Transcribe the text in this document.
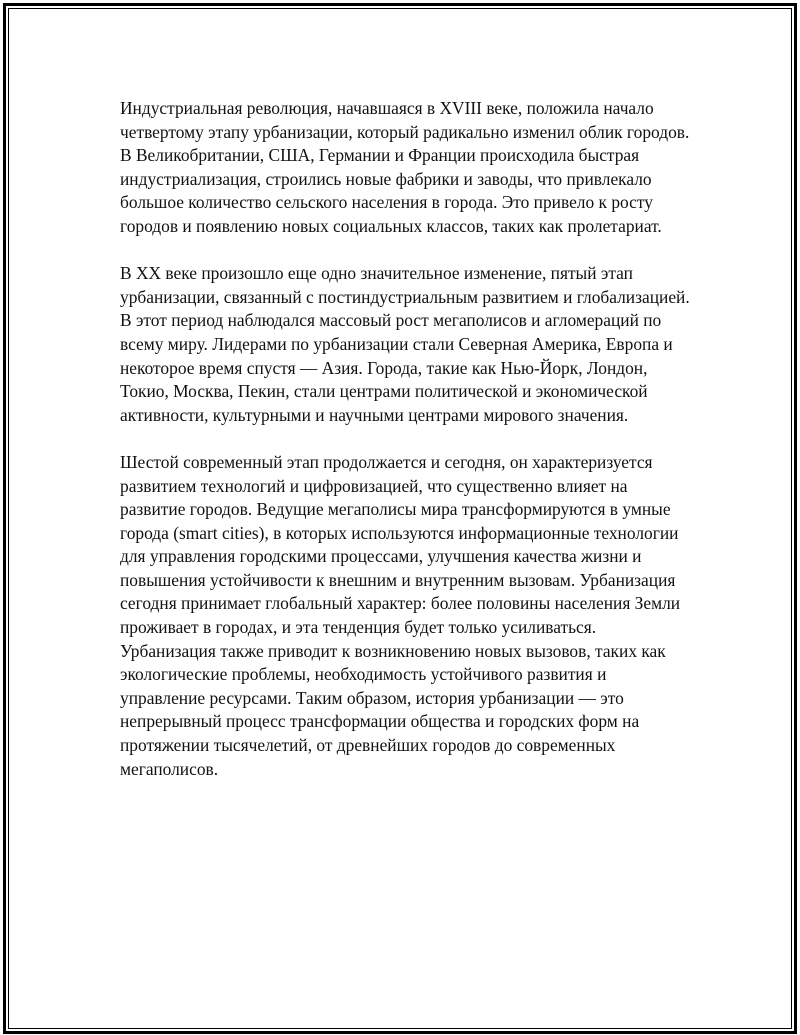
Индустриальная революция, начавшаяся в XVIII веке, положила начало четвертому этапу урбанизации, который радикально изменил облик городов. В Великобритании, США, Германии и Франции происходила быстрая индустриализация, строились новые фабрики и заводы, что привлекало большое количество сельского населения в города. Это привело к росту городов и появлению новых социальных классов, таких как пролетариат.

В XX веке произошло еще одно значительное изменение, пятый этап урбанизации, связанный с постиндустриальным развитием и глобализацией. В этот период наблюдался массовый рост мегаполисов и агломераций по всему миру. Лидерами по урбанизации стали Северная Америка, Европа и некоторое время спустя — Азия. Города, такие как Нью-Йорк, Лондон, Токио, Москва, Пекин, стали центрами политической и экономической активности, культурными и научными центрами мирового значения.

Шестой современный этап продолжается и сегодня, он характеризуется развитием технологий и цифровизацией, что существенно влияет на развитие городов. Ведущие мегаполисы мира трансформируются в умные города (smart cities), в которых используются информационные технологии для управления городскими процессами, улучшения качества жизни и повышения устойчивости к внешним и внутренним вызовам. Урбанизация сегодня принимает глобальный характер: более половины населения Земли проживает в городах, и эта тенденция будет только усиливаться. Урбанизация также приводит к возникновению новых вызовов, таких как экологические проблемы, необходимость устойчивого развития и управление ресурсами. Таким образом, история урбанизации — это непрерывный процесс трансформации общества и городских форм на протяжении тысячелетий, от древнейших городов до современных мегаполисов.
